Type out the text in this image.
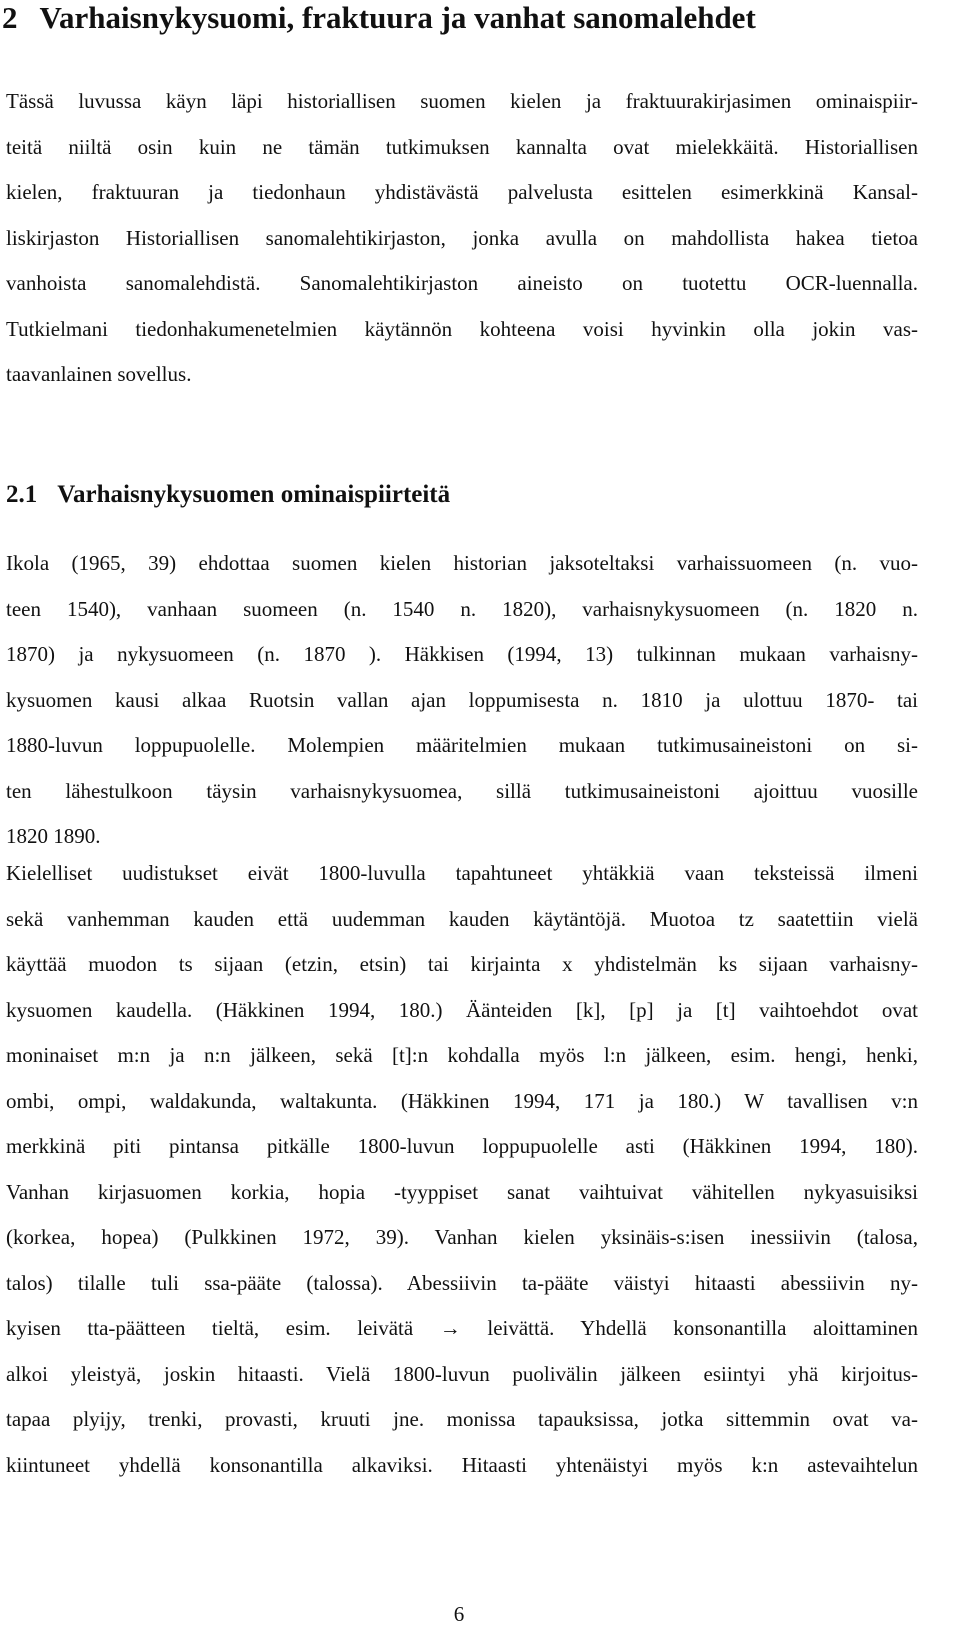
2 Varhaisnykysuomi, fraktuura ja vanhat sanomalehdet
Tässä luvussa käyn läpi historiallisen suomen kielen ja fraktuurakirjasimen ominaispiir-
teitä niiltä osin kuin ne tämän tutkimuksen kannalta ovat mielekkäitä. Historiallisen
kielen, fraktuuran ja tiedonhaun yhdistävästä palvelusta esittelen esimerkkinä Kansal-
liskirjaston Historiallisen sanomalehtikirjaston, jonka avulla on mahdollista hakea tietoa
vanhoista sanomalehdistä. Sanomalehtikirjaston aineisto on tuotettu OCR-luennalla.
Tutkielmani tiedonhakumenetelmien käytännön kohteena voisi hyvinkin olla jokin vas-
taavanlainen sovellus.
2.1 Varhaisnykysuomen ominaispiirteitä
Ikola (1965, 39) ehdottaa suomen kielen historian jaksoteltaksi varhaissuomeen (n. vuo-
teen 1540), vanhaan suomeen (n. 1540 n. 1820), varhaisnykysuomeen (n. 1820 n.
1870) ja nykysuomeen (n. 1870 ). Häkkisen (1994, 13) tulkinnan mukaan varhaisny-
kysuomen kausi alkaa Ruotsin vallan ajan loppumisesta n. 1810 ja ulottuu 1870- tai
1880-luvun loppupuolelle. Molempien määritelmien mukaan tutkimusaineistoni on si-
ten lähestulkoon täysin varhaisnykysuomea, sillä tutkimusaineistoni ajoittuu vuosille
1820 1890.
Kielelliset uudistukset eivät 1800-luvulla tapahtuneet yhtäkkiä vaan teksteissä ilmeni
sekä vanhemman kauden että uudemman kauden käytäntöjä. Muotoa tz saatettiin vielä
käyttää muodon ts sijaan (etzin, etsin) tai kirjainta x yhdistelmän ks sijaan varhaisny-
kysuomen kaudella. (Häkkinen 1994, 180.) Äänteiden [k], [p] ja [t] vaihtoehdot ovat
moninaiset m:n ja n:n jälkeen, sekä [t]:n kohdalla myös l:n jälkeen, esim. hengi, henki,
ombi, ompi, waldakunda, waltakunta. (Häkkinen 1994, 171 ja 180.) W tavallisen v:n
merkkinä piti pintansa pitkälle 1800-luvun loppupuolelle asti (Häkkinen 1994, 180).
Vanhan kirjasuomen korkia, hopia -tyyppiset sanat vaihtuivat vähitellen nykyasuisiksi
(korkea, hopea) (Pulkkinen 1972, 39). Vanhan kielen yksinäis-s:isen inessiivin (talosa,
talos) tilalle tuli ssa-pääte (talossa). Abessiivin ta-pääte väistyi hitaasti abessiivin ny-
kyisen tta-päätteen tieltä, esim. leivätä → leivättä. Yhdellä konsonantilla aloittaminen
alkoi yleistyä, joskin hitaasti. Vielä 1800-luvun puolivälin jälkeen esiintyi yhä kirjoitus-
tapaa plyijy, trenki, provasti, kruuti jne. monissa tapauksissa, jotka sittemmin ovat va-
kiintuneet yhdellä konsonantilla alkaviksi. Hitaasti yhtenäistyi myös k:n astevaihtelun
6
